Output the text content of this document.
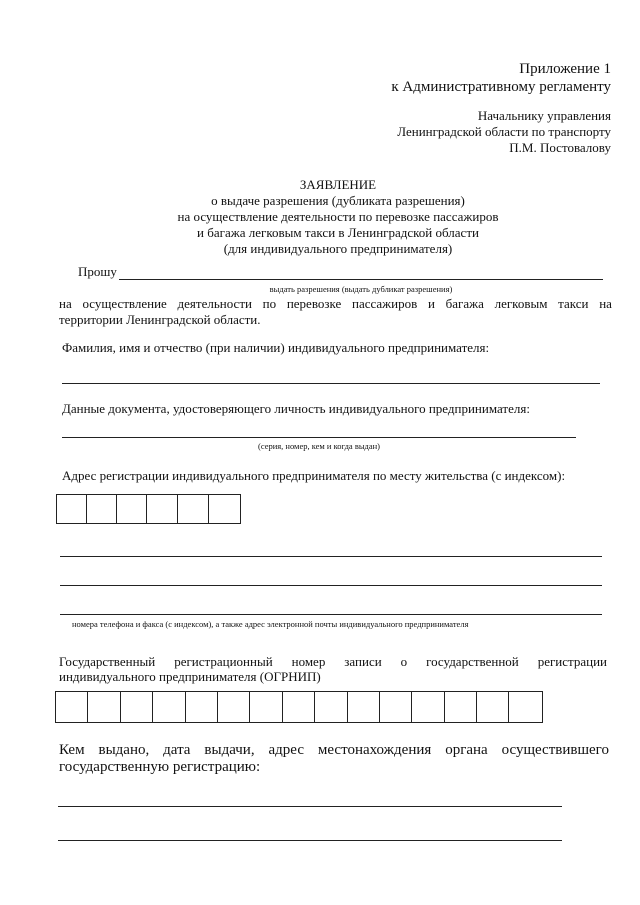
Приложение 1
к Административному регламенту
Начальнику управления
Ленинградской области по транспорту
П.М. Постовалову
ЗАЯВЛЕНИЕ
о выдаче разрешения (дубликата разрешения)
на осуществление деятельности по перевозке пассажиров
и багажа легковым такси в Ленинградской области
(для индивидуального предпринимателя)
Прошу
выдать разрешения (выдать дубликат разрешения)
на осуществление деятельности по перевозке пассажиров и багажа легковым такси на
территории Ленинградской области.
Фамилия, имя и отчество (при наличии) индивидуального предпринимателя:
Данные документа, удостоверяющего личность индивидуального предпринимателя:
(серия, номер, кем и когда выдан)
Адрес регистрации индивидуального предпринимателя по месту жительства (с индексом):
номера телефона и факса (с индексом), а также адрес электронной почты индивидуального предпринимателя
Государственный регистрационный номер записи о государственной регистрации
индивидуального предпринимателя (ОГРНИП)
Кем выдано, дата выдачи, адрес местонахождения органа осуществившего
государственную регистрацию:
